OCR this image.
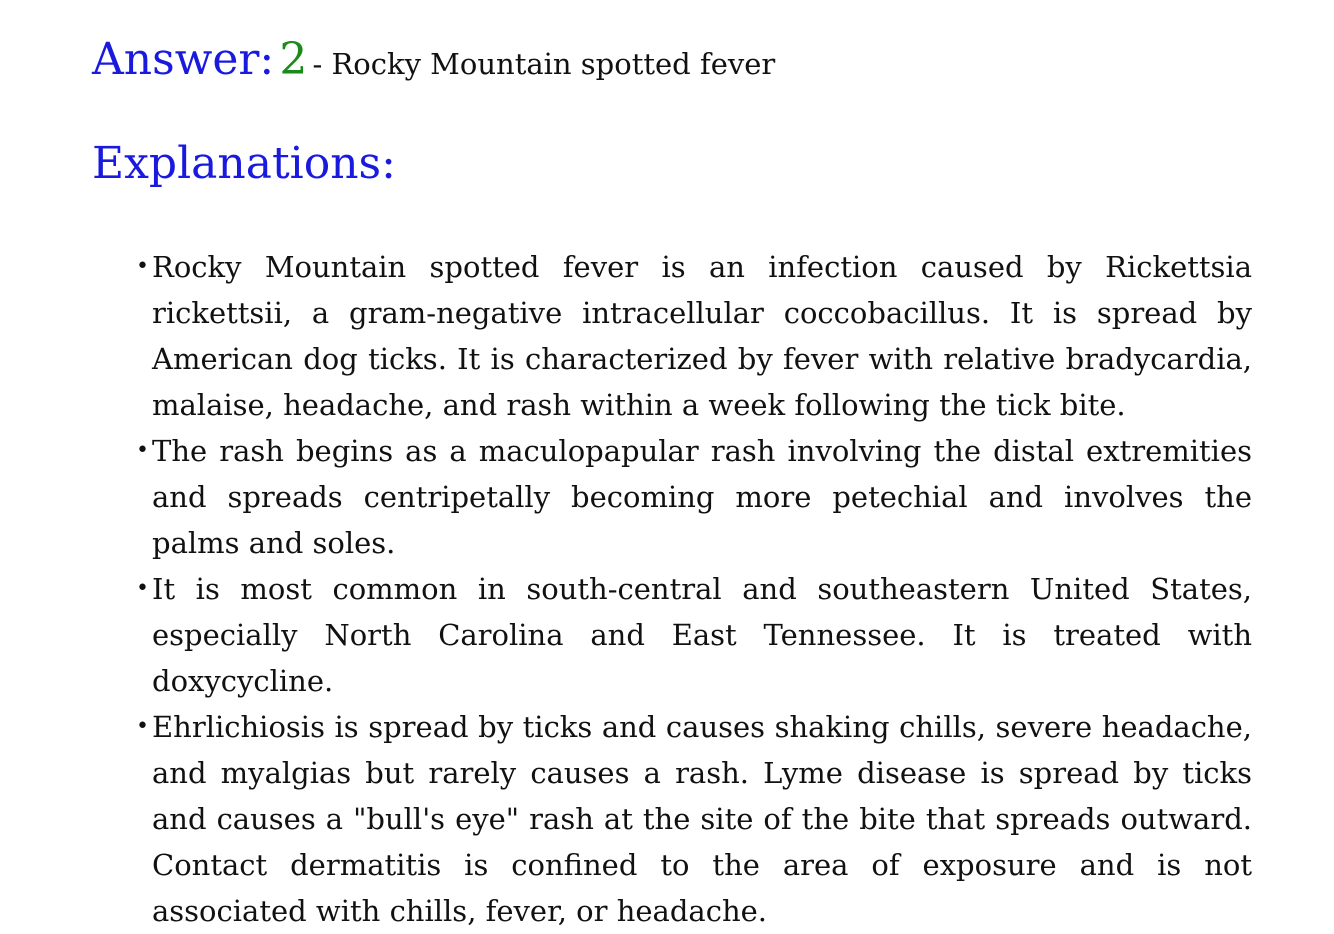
Answer: 2 - Rocky Mountain spotted fever
Explanations:
• Rocky Mountain spotted fever is an infection caused by Rickettsia rickettsii, a gram-negative intracellular coccobacillus. It is spread by American dog ticks. It is characterized by fever with relative bradycardia, malaise, headache, and rash within a week following the tick bite.
• The rash begins as a maculopapular rash involving the distal extremities and spreads centripetally becoming more petechial and involves the palms and soles.
• It is most common in south-central and southeastern United States, especially North Carolina and East Tennessee. It is treated with doxycycline.
• Ehrlichiosis is spread by ticks and causes shaking chills, severe headache, and myalgias but rarely causes a rash. Lyme disease is spread by ticks and causes a "bull's eye" rash at the site of the bite that spreads outward. Contact dermatitis is confined to the area of exposure and is not associated with chills, fever, or headache.
